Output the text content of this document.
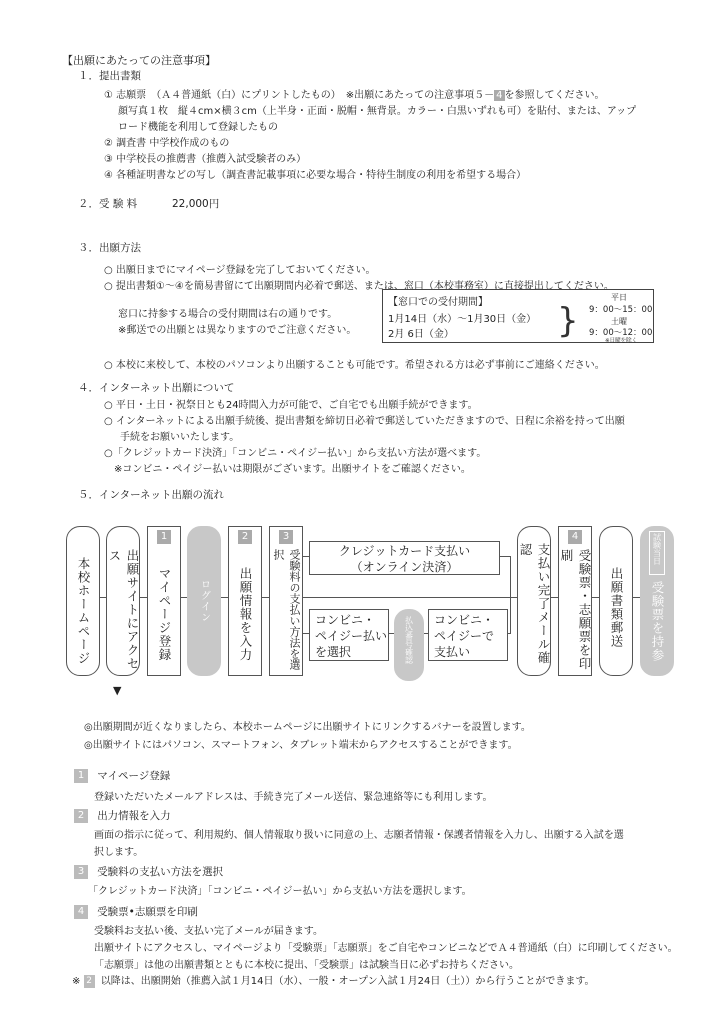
【出願にあたっての注意事項】
１．提出書類
① 志願票　（Ａ４普通紙（白）にプリントしたもの）　※出願にあたっての注意事項５－ 4 を参照してください。
顔写真１枚　縦４cm×横３cm（上半身・正面・脱帽・無背景。カラー・白黒いずれも可）を貼付、または、アップ
ロード機能を利用して登録したもの
② 調査書 中学校作成のもの
③ 中学校長の推薦書（推薦入試受験者のみ）
④ 各種証明書などの写し（調査書記載事項に必要な場合・特待生制度の利用を希望する場合）
２．受 験 料	22,000円
３．出願方法
○ 出願日までにマイページ登録を完了しておいてください。
○ 提出書類①～④を簡易書留にて出願期間内必着で郵送、または、窓口（本校事務室）に直接提出してください。
窓口に持参する場合の受付期間は右の通りです。
※郵送での出願とは異なりますのでご注意ください。
【窓口での受付期間】
1月14日（水）～1月30日（金）
2月 6日（金）	}
平日
9：00～15：00
土曜
9：00～12：00
※日曜を除く
○ 本校に来校して、本校のパソコンより出願することも可能です。希望される方は必ず事前にご連絡ください。
４．インターネット出願について
○ 平日・土日・祝祭日とも24時間入力が可能で、ご自宅でも出願手続ができます。
○ インターネットによる出願手続後、提出書類を締切日必着で郵送していただきますので、日程に余裕を持って出願
手続をお願いいたします。
○「クレジットカード決済」「コンビニ・ペイジー払い」から支払い方法が選べます。
※コンビニ・ペイジー払いは期限がございます。出願サイトをご確認ください。
５．インターネット出願の流れ
本校ホームページ	出願サイトにアクセス
1
マイページ登録	ログイン
2
出願情報を入力
3
受験料の支払い方法を選択	クレジットカード支払い
（オンライン決済）
コンビニ・
ペイジー払い
を選択	払込番号確認	コンビニ・
ペイジーで
支払い	支払い完了メール確認
4
受験票・志願票を印刷
出願書類郵送
試験当日
受験票を持参
▼
◎出願期間が近くなりましたら、本校ホームページに出願サイトにリンクするバナーを設置します。
◎出願サイトにはパソコン、スマートフォン、タブレット端末からアクセスすることができます。
1 マイページ登録
登録いただいたメールアドレスは、手続き完了メール送信、緊急連絡等にも利用します。
2 出力情報を入力
画面の指示に従って、利用規約、個人情報取り扱いに同意の上、志願者情報・保護者情報を入力し、出願する入試を選
択します。
3 受験料の支払い方法を選択
「クレジットカード決済」「コンビニ・ペイジー払い」から支払い方法を選択します。
4 受験票•志願票を印刷
受験料お支払い後、支払い完了メールが届きます。
出願サイトにアクセスし、マイページより「受験票」「志願票」をご自宅やコンビニなどでＡ４普通紙（白）に印刷してください。
「志願票」は他の出願書類とともに本校に提出、「受験票」は試験当日に必ずお持ちください。
※ 2 以降は、出願開始（推薦入試１月14日（水）、一般・オープン入試１月24日（土））から行うことができます。
